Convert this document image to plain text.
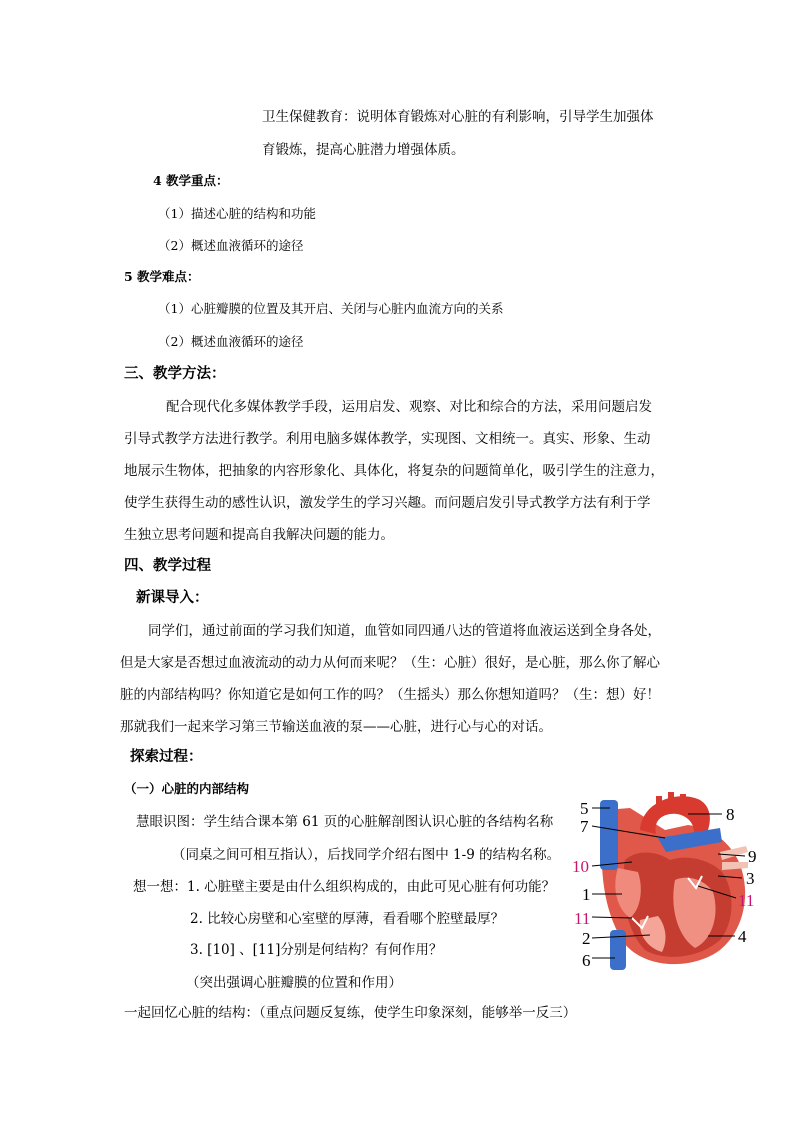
卫生保健教育：说明体育锻炼对心脏的有利影响，引导学生加强体
育锻炼，提高心脏潜力增强体质。
4 教学重点：
（1）描述心脏的结构和功能
（2）概述血液循环的途径
5 教学难点：
（1）心脏瓣膜的位置及其开启、关闭与心脏内血流方向的关系
（2）概述血液循环的途径
三、教学方法：
配合现代化多媒体教学手段，运用启发、观察、对比和综合的方法，采用问题启发
引导式教学方法进行教学。利用电脑多媒体教学，实现图、文相统一。真实、形象、生动
地展示生物体，把抽象的内容形象化、具体化，将复杂的问题简单化，吸引学生的注意力，
使学生获得生动的感性认识，激发学生的学习兴趣。而问题启发引导式教学方法有利于学
生独立思考问题和提高自我解决问题的能力。
四、教学过程
新课导入：
同学们，通过前面的学习我们知道，血管如同四通八达的管道将血液运送到全身各处，
但是大家是否想过血液流动的动力从何而来呢？（生：心脏）很好，是心脏，那么你了解心
脏的内部结构吗？你知道它是如何工作的吗？（生摇头）那么你想知道吗？（生：想）好！
那就我们一起来学习第三节输送血液的泵——心脏，进行心与心的对话。
探索过程：
（一）心脏的内部结构
慧眼识图：学生结合课本第 61 页的心脏解剖图认识心脏的各结构名称
（同桌之间可相互指认），后找同学介绍右图中 1-9 的结构名称。
想一想：1. 心脏壁主要是由什么组织构成的，由此可见心脏有何功能？
2. 比较心房壁和心室壁的厚薄，看看哪个腔壁最厚？
3. [10] 、[11]分别是何结构？有何作用？
（突出强调心脏瓣膜的位置和作用）
一起回忆心脏的结构：（重点问题反复练，使学生印象深刻，能够举一反三）
5
7
10
1
11
2
6
8
9
3
11
4
